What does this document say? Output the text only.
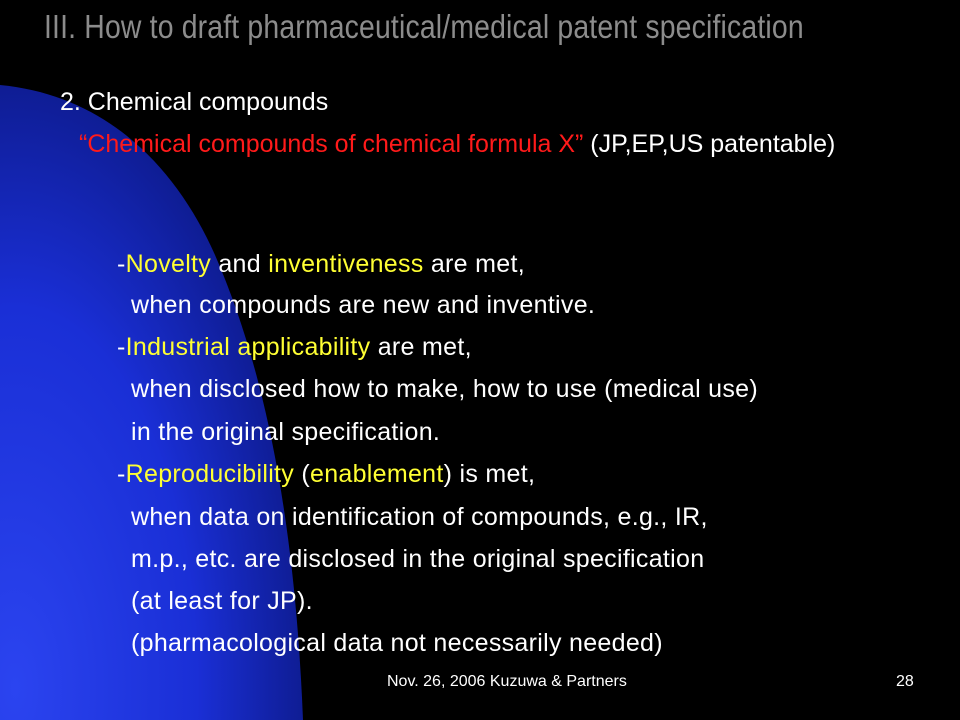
III. How to draft pharmaceutical/medical patent specification
2. Chemical compounds
“Chemical compounds of chemical formula X” (JP,EP,US patentable)
-Novelty and inventiveness are met,
when compounds are new and inventive.
-Industrial applicability are met,
when disclosed how to make, how to use (medical use)
in the original specification.
-Reproducibility (enablement) is met,
when data on identification of compounds, e.g., IR,
m.p., etc. are disclosed in the original specification
(at least for JP).
(pharmacological data not necessarily needed)
Nov. 26, 2006 Kuzuwa & Partners	28
